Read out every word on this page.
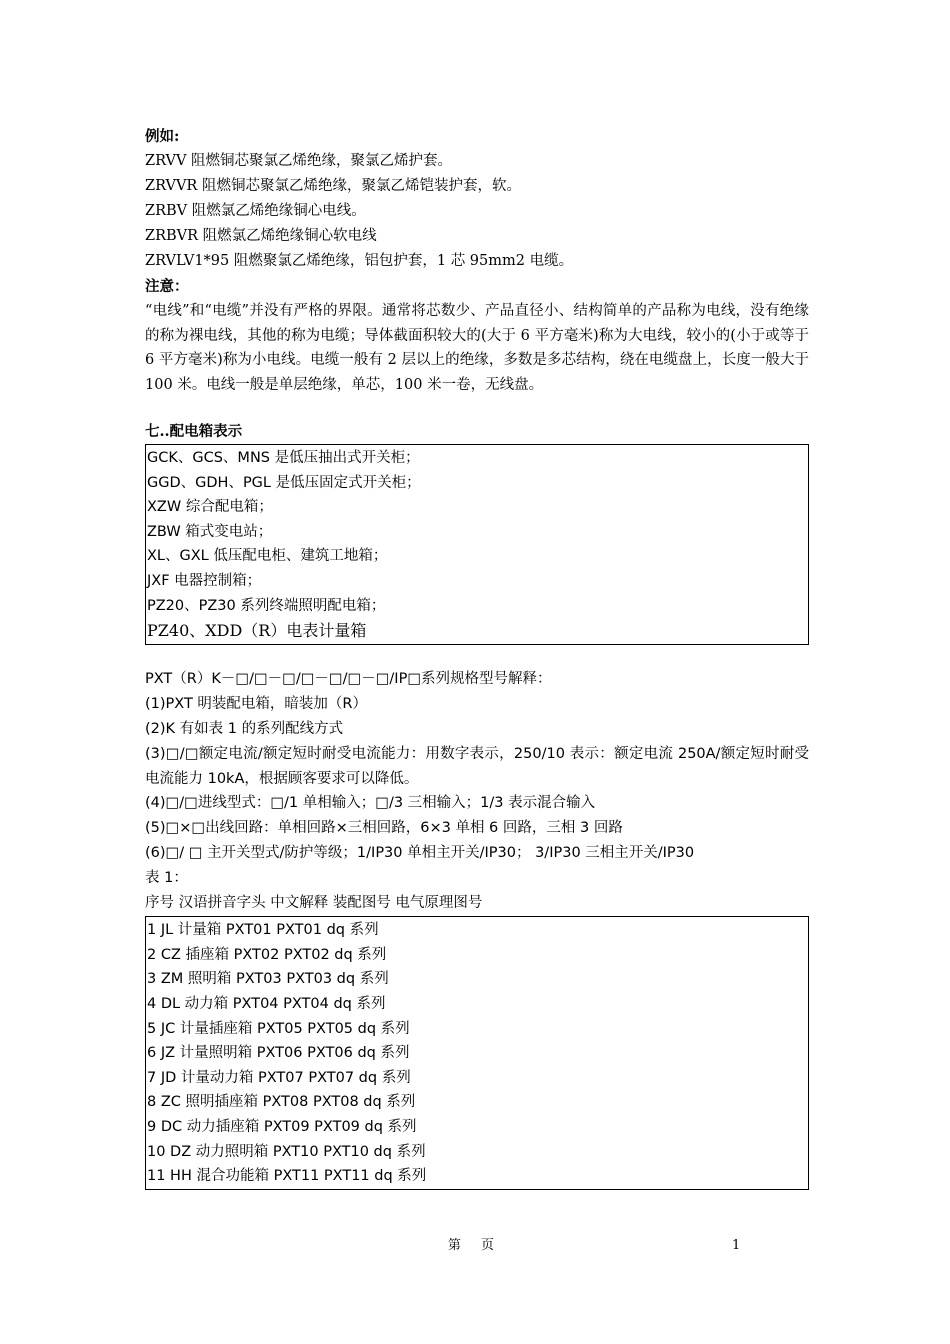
例如:
ZRVV 阻燃铜芯聚氯乙烯绝缘，聚氯乙烯护套。
ZRVVR 阻燃铜芯聚氯乙烯绝缘，聚氯乙烯铠装护套，软。
ZRBV 阻燃氯乙烯绝缘铜心电线。
ZRBVR 阻燃氯乙烯绝缘铜心软电线
ZRVLV1*95 阻燃聚氯乙烯绝缘，铝包护套，1 芯 95mm2 电缆。
注意：
“电线”和“电缆”并没有严格的界限。通常将芯数少、产品直径小、结构简单的产品称为电线，没有绝缘的称为裸电线，其他的称为电缆；导体截面积较大的(大于 6 平方毫米)称为大电线，较小的(小于或等于 6 平方毫米)称为小电线。电缆一般有 2 层以上的绝缘，多数是多芯结构，绕在电缆盘上，长度一般大于 100 米。电线一般是单层绝缘，单芯，100 米一卷，无线盘。
七..配电箱表示
GCK、GCS、MNS 是低压抽出式开关柜；
GGD、GDH、PGL 是低压固定式开关柜；
XZW 综合配电箱；
ZBW 箱式变电站；
XL、GXL 低压配电柜、建筑工地箱；
JXF 电器控制箱；
PZ20、PZ30 系列终端照明配电箱；
PZ40、XDD（R）电表计量箱
PXT（R）K－□/□－□/□－□/□－□/IP□系列规格型号解释：
(1)PXT 明装配电箱，暗装加（R）
(2)K 有如表 1 的系列配线方式
(3)□/□额定电流/额定短时耐受电流能力：用数字表示，250/10 表示：额定电流 250A/额定短时耐受电流能力 10kA，根据顾客要求可以降低。
(4)□/□进线型式：□/1 单相输入；□/3 三相输入；1/3 表示混合输入
(5)□×□出线回路：单相回路×三相回路，6×3 单相 6 回路，三相 3 回路
(6)□/ □ 主开关型式/防护等级；1/IP30 单相主开关/IP30； 3/IP30 三相主开关/IP30
表 1：
序号 汉语拼音字头 中文解释 装配图号 电气原理图号
1 JL 计量箱 PXT01 PXT01 dq 系列
2 CZ 插座箱 PXT02 PXT02 dq 系列
3 ZM 照明箱 PXT03 PXT03 dq 系列
4 DL 动力箱 PXT04 PXT04 dq 系列
5 JC 计量插座箱 PXT05 PXT05 dq 系列
6 JZ 计量照明箱 PXT06 PXT06 dq 系列
7 JD 计量动力箱 PXT07 PXT07 dq 系列
8 ZC 照明插座箱 PXT08 PXT08 dq 系列
9 DC 动力插座箱 PXT09 PXT09 dq 系列
10 DZ 动力照明箱 PXT10 PXT10 dq 系列
11 HH 混合功能箱 PXT11 PXT11 dq 系列
第 页	1
